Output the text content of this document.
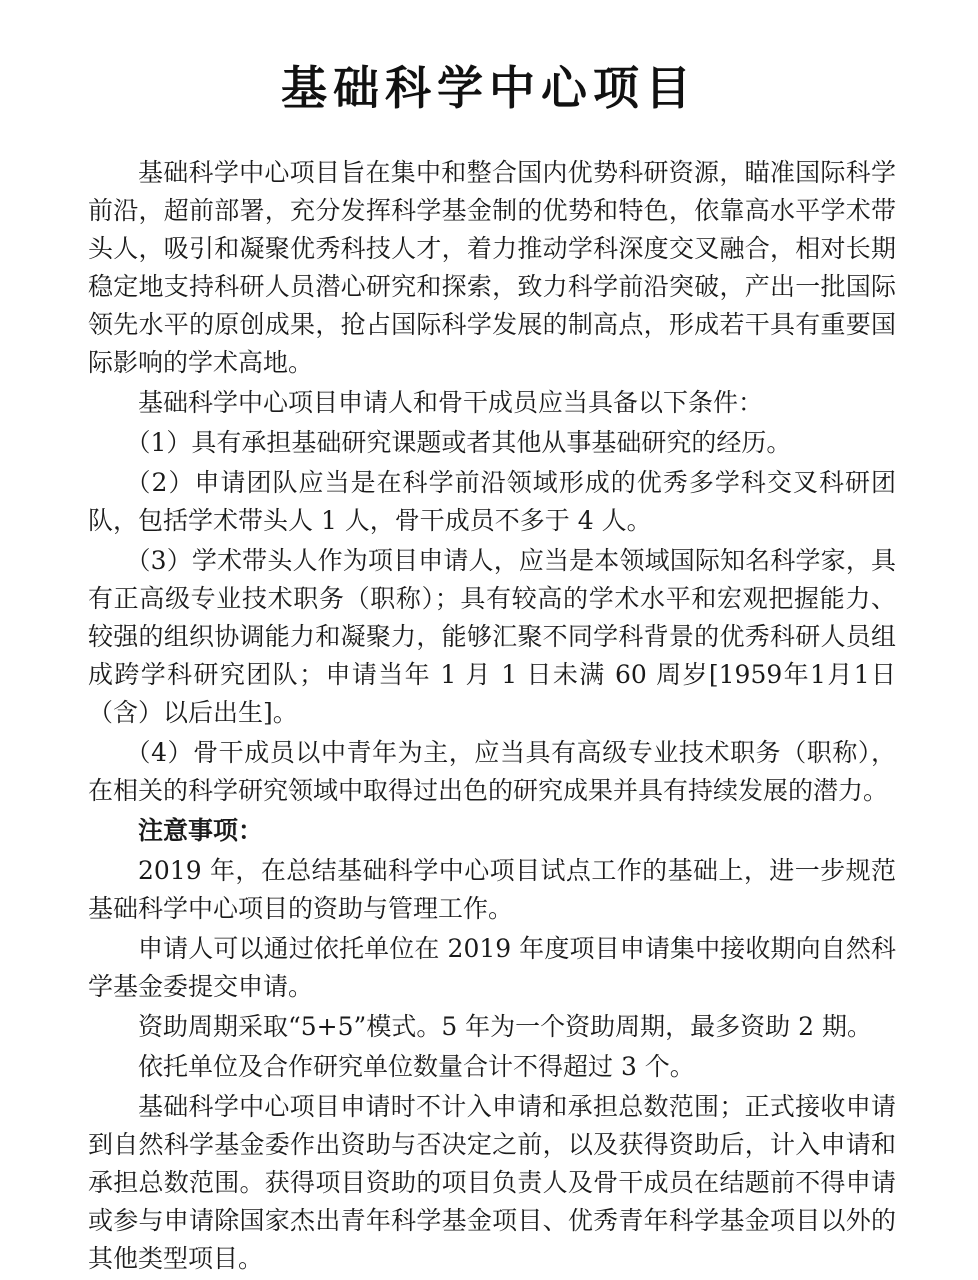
基础科学中心项目

基础科学中心项目旨在集中和整合国内优势科研资源，瞄准国际科学前沿，超前部署，充分发挥科学基金制的优势和特色，依靠高水平学术带头人，吸引和凝聚优秀科技人才，着力推动学科深度交叉融合，相对长期稳定地支持科研人员潜心研究和探索，致力科学前沿突破，产出一批国际领先水平的原创成果，抢占国际科学发展的制高点，形成若干具有重要国际影响的学术高地。

基础科学中心项目申请人和骨干成员应当具备以下条件：

（1）具有承担基础研究课题或者其他从事基础研究的经历。

（2）申请团队应当是在科学前沿领域形成的优秀多学科交叉科研团队，包括学术带头人 1 人，骨干成员不多于 4 人。

（3）学术带头人作为项目申请人，应当是本领域国际知名科学家，具有正高级专业技术职务（职称）；具有较高的学术水平和宏观把握能力、较强的组织协调能力和凝聚力，能够汇聚不同学科背景的优秀科研人员组成跨学科研究团队；申请当年 1 月 1 日未满 60 周岁[1959年1月1日（含）以后出生]。

（4）骨干成员以中青年为主，应当具有高级专业技术职务（职称），在相关的科学研究领域中取得过出色的研究成果并具有持续发展的潜力。

注意事项：

2019 年，在总结基础科学中心项目试点工作的基础上，进一步规范基础科学中心项目的资助与管理工作。

申请人可以通过依托单位在 2019 年度项目申请集中接收期向自然科学基金委提交申请。

资助周期采取“5+5”模式。5 年为一个资助周期，最多资助 2 期。

依托单位及合作研究单位数量合计不得超过 3 个。

基础科学中心项目申请时不计入申请和承担总数范围；正式接收申请到自然科学基金委作出资助与否决定之前，以及获得资助后，计入申请和承担总数范围。获得项目资助的项目负责人及骨干成员在结题前不得申请或参与申请除国家杰出青年科学基金项目、优秀青年科学基金项目以外的其他类型项目。
